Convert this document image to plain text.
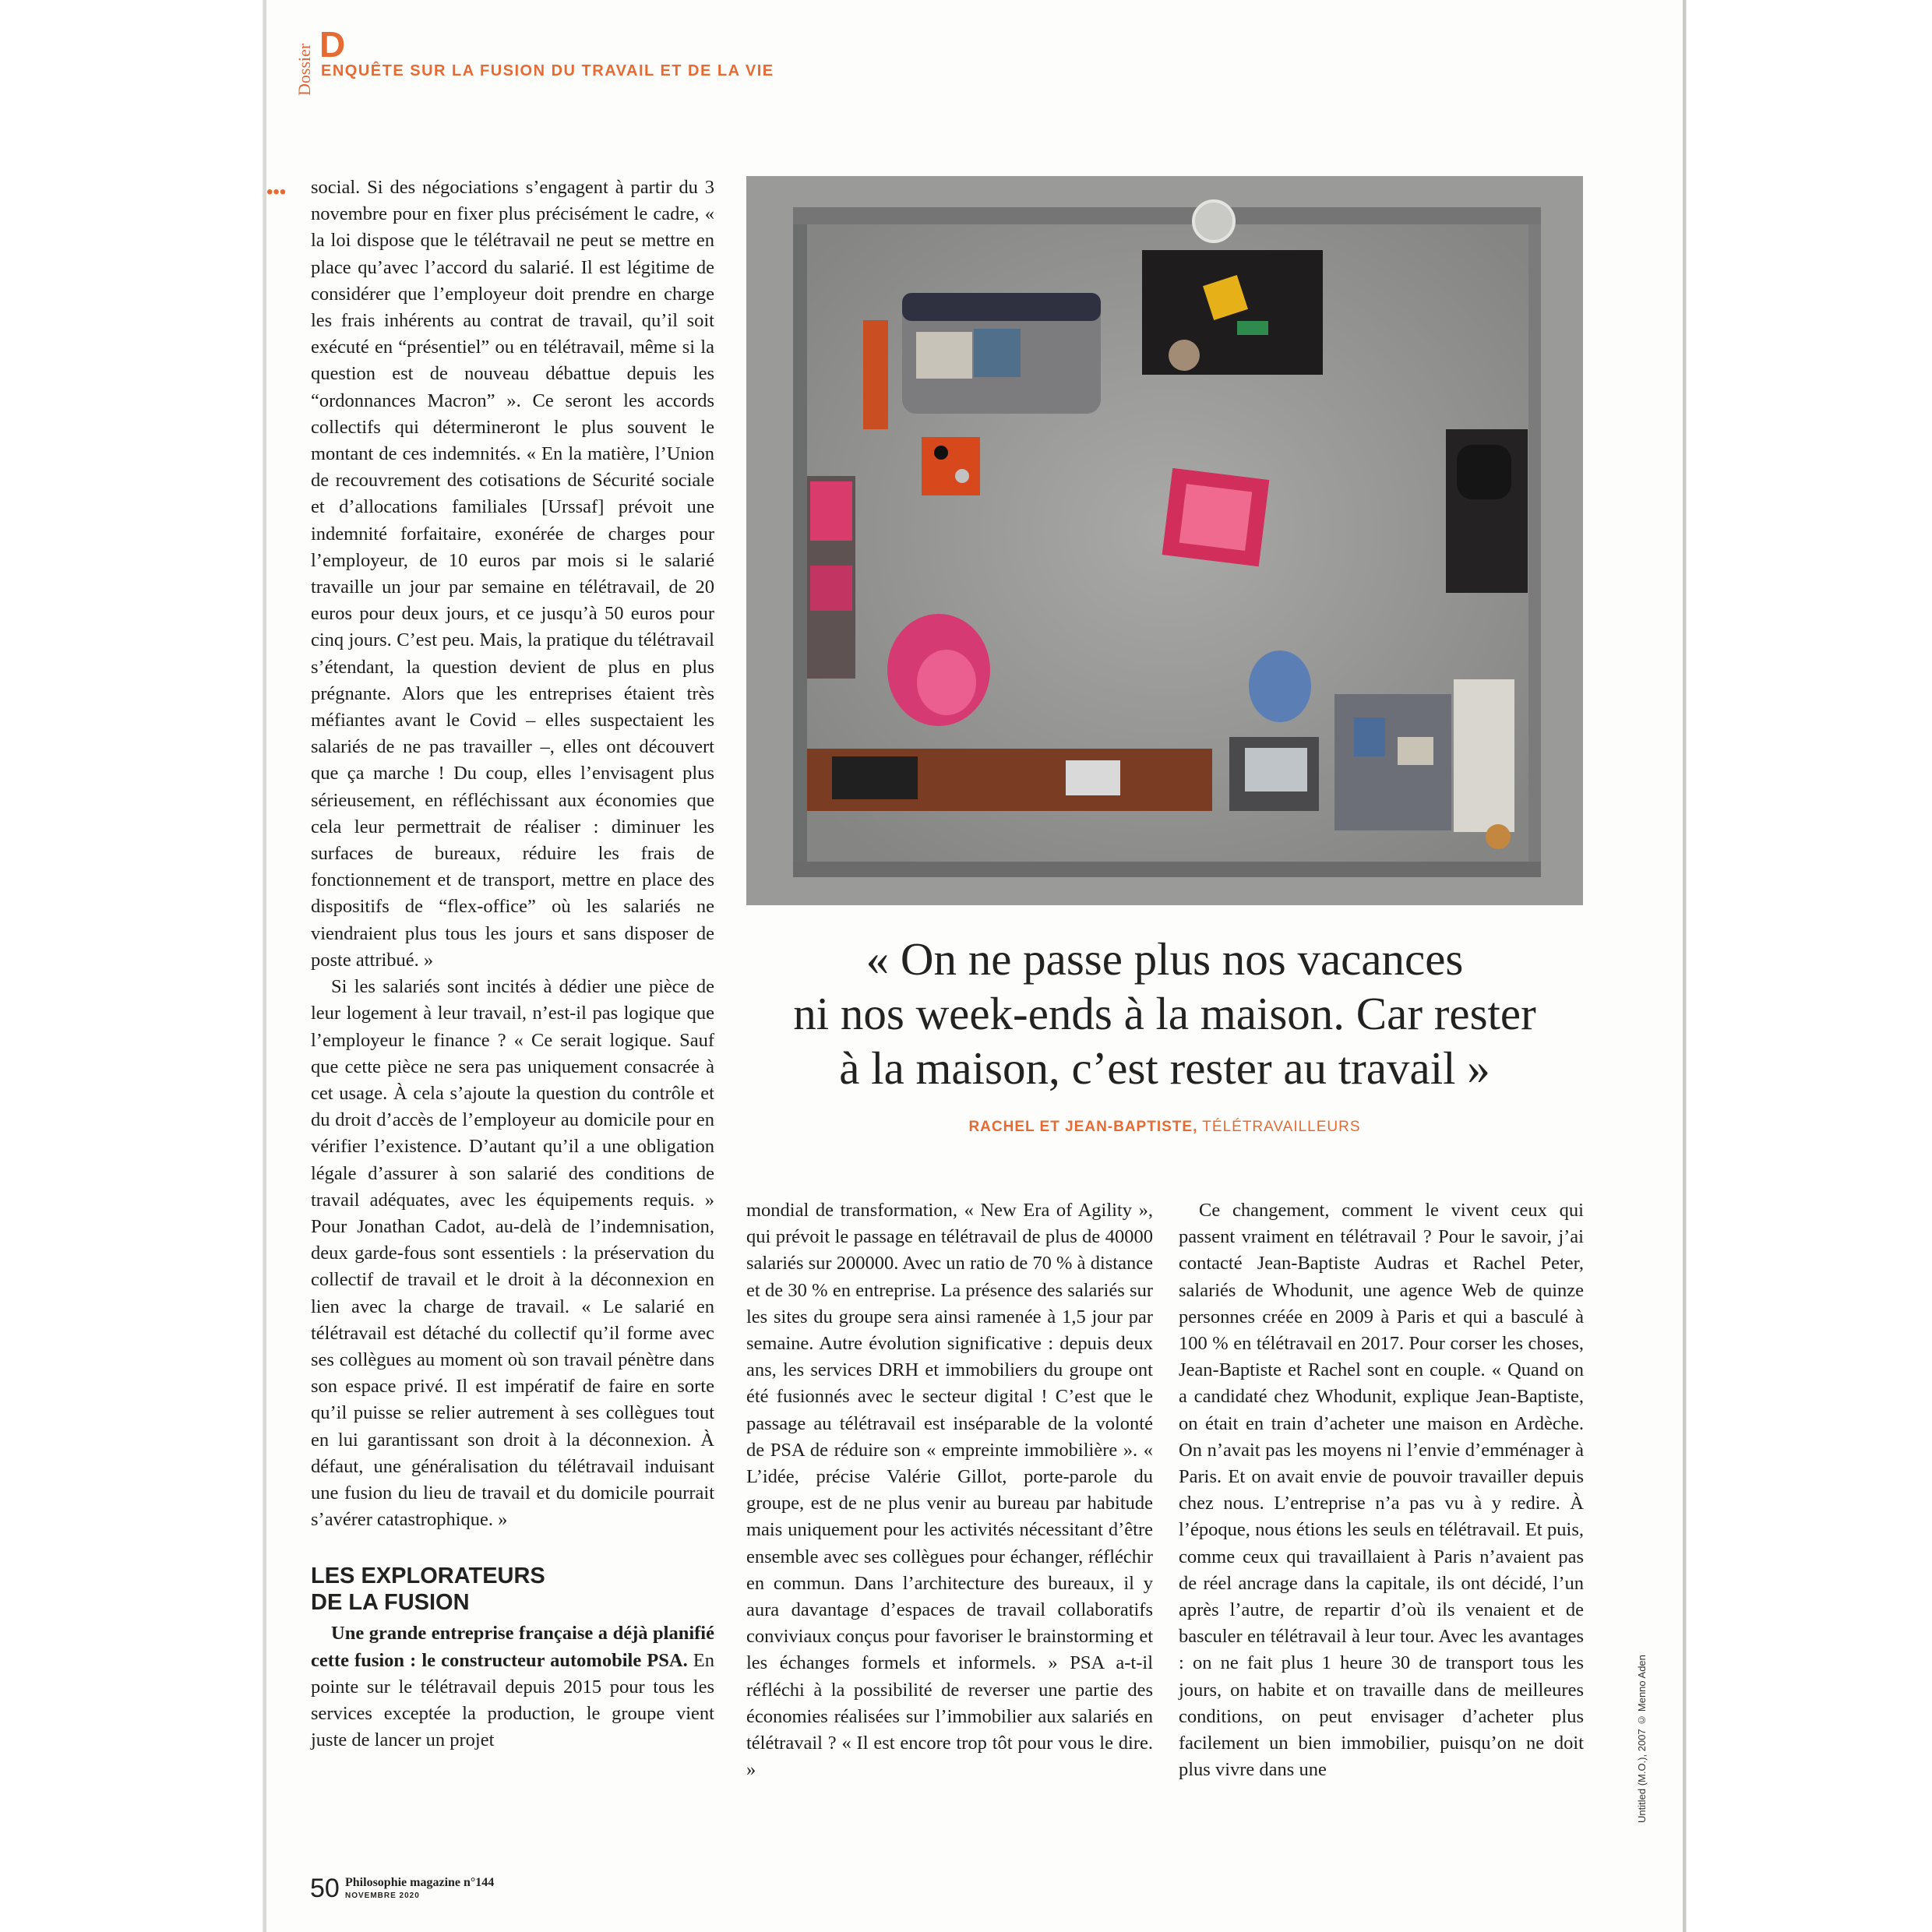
Dossier D
ENQUÊTE SUR LA FUSION DU TRAVAIL ET DE LA VIE
••• social. Si des négociations s’engagent à partir du 3 novembre pour en fixer plus précisément le cadre, « la loi dispose que le télétravail ne peut se mettre en place qu’avec l’accord du salarié. Il est légitime de considérer que l’employeur doit prendre en charge les frais inhérents au contrat de travail, qu’il soit exécuté en “présentiel” ou en télétravail, même si la question est de nouveau débattue depuis les “ordonnances Macron” ». Ce seront les accords collectifs qui détermineront le plus souvent le montant de ces indemnités. « En la matière, l’Union de recouvrement des cotisations de Sécurité sociale et d’allocations familiales [Urssaf] prévoit une indemnité forfaitaire, exonérée de charges pour l’employeur, de 10 euros par mois si le salarié travaille un jour par semaine en télétravail, de 20 euros pour deux jours, et ce jusqu’à 50 euros pour cinq jours. C’est peu. Mais, la pratique du télétravail s’étendant, la question devient de plus en plus prégnante. Alors que les entreprises étaient très méfiantes avant le Covid – elles suspectaient les salariés de ne pas travailler –, elles ont découvert que ça marche ! Du coup, elles l’envisagent plus sérieusement, en réfléchissant aux économies que cela leur permettrait de réaliser : diminuer les surfaces de bureaux, réduire les frais de fonctionnement et de transport, mettre en place des dispositifs de “flex-office” où les salariés ne viendraient plus tous les jours et sans disposer de poste attribué. »

Si les salariés sont incités à dédier une pièce de leur logement à leur travail, n’est-il pas logique que l’employeur le finance ? « Ce serait logique. Sauf que cette pièce ne sera pas uniquement consacrée à cet usage. À cela s’ajoute la question du contrôle et du droit d’accès de l’employeur au domicile pour en vérifier l’existence. D’autant qu’il a une obligation légale d’assurer à son salarié des conditions de travail adéquates, avec les équipements requis. » Pour Jonathan Cadot, au-delà de l’indemnisation, deux garde-fous sont essentiels : la préservation du collectif de travail et le droit à la déconnexion en lien avec la charge de travail. « Le salarié en télétravail est détaché du collectif qu’il forme avec ses collègues au moment où son travail pénètre dans son espace privé. Il est impératif de faire en sorte qu’il puisse se relier autrement à ses collègues tout en lui garantissant son droit à la déconnexion. À défaut, une généralisation du télétravail induisant une fusion du lieu de travail et du domicile pourrait s’avérer catastrophique. »

LES EXPLORATEURS
DE LA FUSION

Une grande entreprise française a déjà planifié cette fusion : le constructeur automobile PSA. En pointe sur le télétravail depuis 2015 pour tous les services exceptée la production, le groupe vient juste de lancer un projet

« On ne passe plus nos vacances
ni nos week-ends à la maison. Car rester
à la maison, c’est rester au travail »
RACHEL ET JEAN-BAPTISTE, TÉLÉTRAVAILLEURS

mondial de transformation, « New Era of Agility », qui prévoit le passage en télétravail de plus de 40000 salariés sur 200000. Avec un ratio de 70 % à distance et de 30 % en entreprise. La présence des salariés sur les sites du groupe sera ainsi ramenée à 1,5 jour par semaine. Autre évolution significative : depuis deux ans, les services DRH et immobiliers du groupe ont été fusionnés avec le secteur digital ! C’est que le passage au télétravail est inséparable de la volonté de PSA de réduire son « empreinte immobilière ». « L’idée, précise Valérie Gillot, porte-parole du groupe, est de ne plus venir au bureau par habitude mais uniquement pour les activités nécessitant d’être ensemble avec ses collègues pour échanger, réfléchir en commun. Dans l’architecture des bureaux, il y aura davantage d’espaces de travail collaboratifs conviviaux conçus pour favoriser le brainstorming et les échanges formels et informels. » PSA a-t-il réfléchi à la possibilité de reverser une partie des économies réalisées sur l’immobilier aux salariés en télétravail ? « Il est encore trop tôt pour vous le dire. »

Ce changement, comment le vivent ceux qui passent vraiment en télétravail ? Pour le savoir, j’ai contacté Jean-Baptiste Audras et Rachel Peter, salariés de Whodunit, une agence Web de quinze personnes créée en 2009 à Paris et qui a basculé à 100 % en télétravail en 2017. Pour corser les choses, Jean-Baptiste et Rachel sont en couple. « Quand on a candidaté chez Whodunit, explique Jean-Baptiste, on était en train d’acheter une maison en Ardèche. On n’avait pas les moyens ni l’envie d’emménager à Paris. Et on avait envie de pouvoir travailler depuis chez nous. L’entreprise n’a pas vu à y redire. À l’époque, nous étions les seuls en télétravail. Et puis, comme ceux qui travaillaient à Paris n’avaient pas de réel ancrage dans la capitale, ils ont décidé, l’un après l’autre, de repartir d’où ils venaient et de basculer en télétravail à leur tour. Avec les avantages : on ne fait plus 1 heure 30 de transport tous les jours, on habite et on travaille dans de meilleures conditions, on peut envisager d’acheter plus facilement un bien immobilier, puisqu’on ne doit plus vivre dans une	Untitled (M.O.), 2007 © Menno Aden
50 Philosophie magazine n°144
NOVEMBRE 2020
